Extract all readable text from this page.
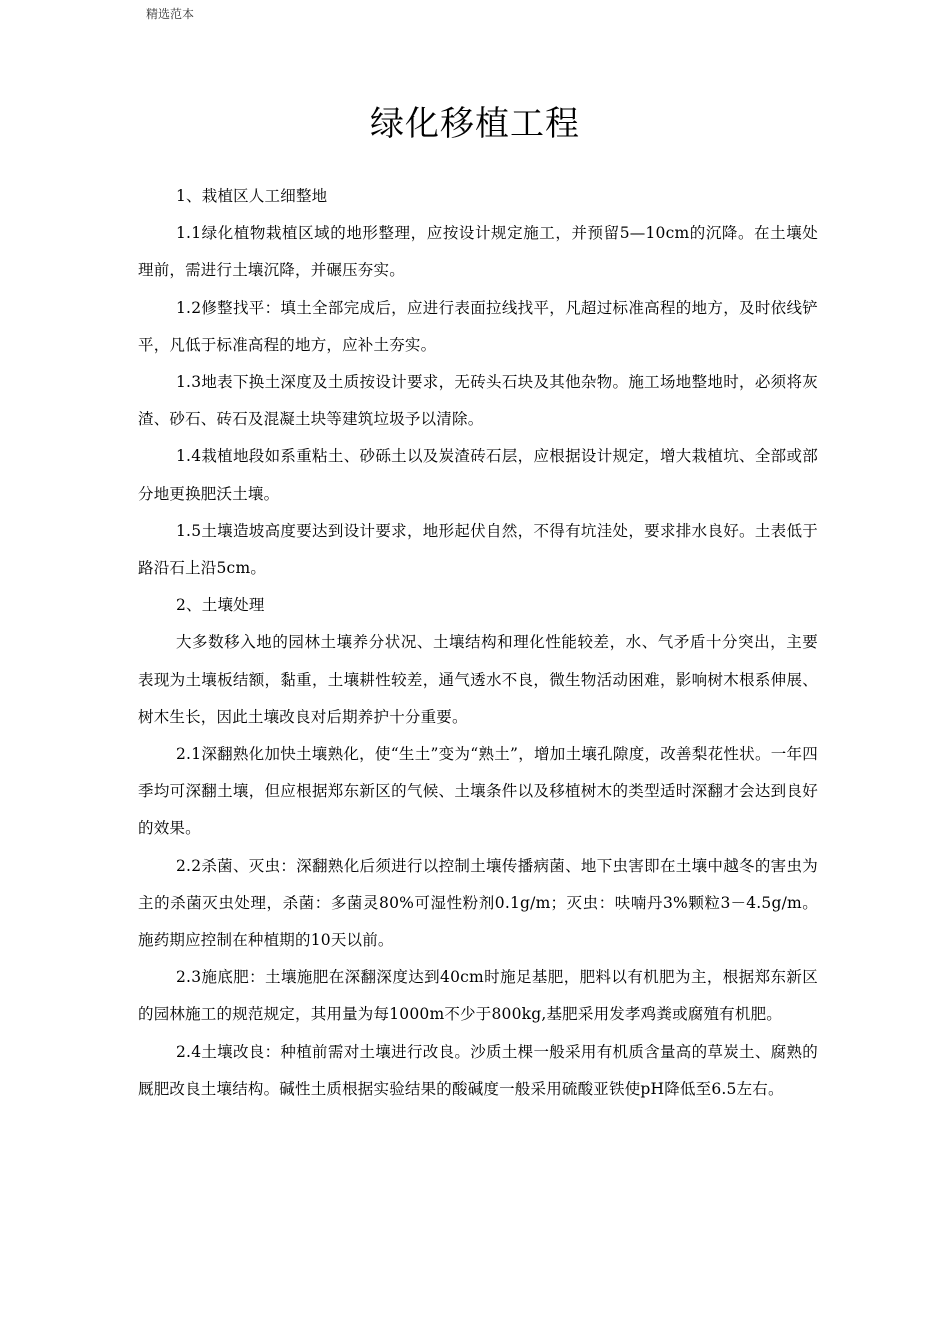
精选范本
绿化移植工程

1、栽植区人工细整地

1.1绿化植物栽植区域的地形整理，应按设计规定施工，并预留5—10cm的沉降。在土壤处理前，需进行土壤沉降，并碾压夯实。

1.2修整找平：填土全部完成后，应进行表面拉线找平，凡超过标准高程的地方，及时依线铲平，凡低于标准高程的地方，应补土夯实。

1.3地表下换土深度及土质按设计要求，无砖头石块及其他杂物。施工场地整地时，必须将灰渣、砂石、砖石及混凝土块等建筑垃圾予以清除。

1.4栽植地段如系重粘土、砂砾土以及炭渣砖石层，应根据设计规定，增大栽植坑、全部或部分地更换肥沃土壤。

1.5土壤造坡高度要达到设计要求，地形起伏自然，不得有坑洼处，要求排水良好。土表低于路沿石上沿5cm。

2、土壤处理

大多数移入地的园林土壤养分状况、土壤结构和理化性能较差，水、气矛盾十分突出，主要表现为土壤板结额，黏重，土壤耕性较差，通气透水不良，微生物活动困难，影响树木根系伸展、树木生长，因此土壤改良对后期养护十分重要。

2.1深翻熟化加快土壤熟化，使“生土”变为“熟土”，增加土壤孔隙度，改善梨花性状。一年四季均可深翻土壤，但应根据郑东新区的气候、土壤条件以及移植树木的类型适时深翻才会达到良好的效果。

2.2杀菌、灭虫：深翻熟化后须进行以控制土壤传播病菌、地下虫害即在土壤中越冬的害虫为主的杀菌灭虫处理，杀菌：多菌灵80%可湿性粉剂0.1g/m；灭虫：呋喃丹3%颗粒3－4.5g/m。施药期应控制在种植期的10天以前。

2.3施底肥：土壤施肥在深翻深度达到40cm时施足基肥，肥料以有机肥为主，根据郑东新区的园林施工的规范规定，其用量为每1000m不少于800kg,基肥采用发孝鸡粪或腐殖有机肥。

2.4土壤改良：种植前需对土壤进行改良。沙质土棵一般采用有机质含量高的草炭土、腐熟的厩肥改良土壤结构。碱性土质根据实验结果的酸碱度一般采用硫酸亚铁使pH降低至6.5左右。
